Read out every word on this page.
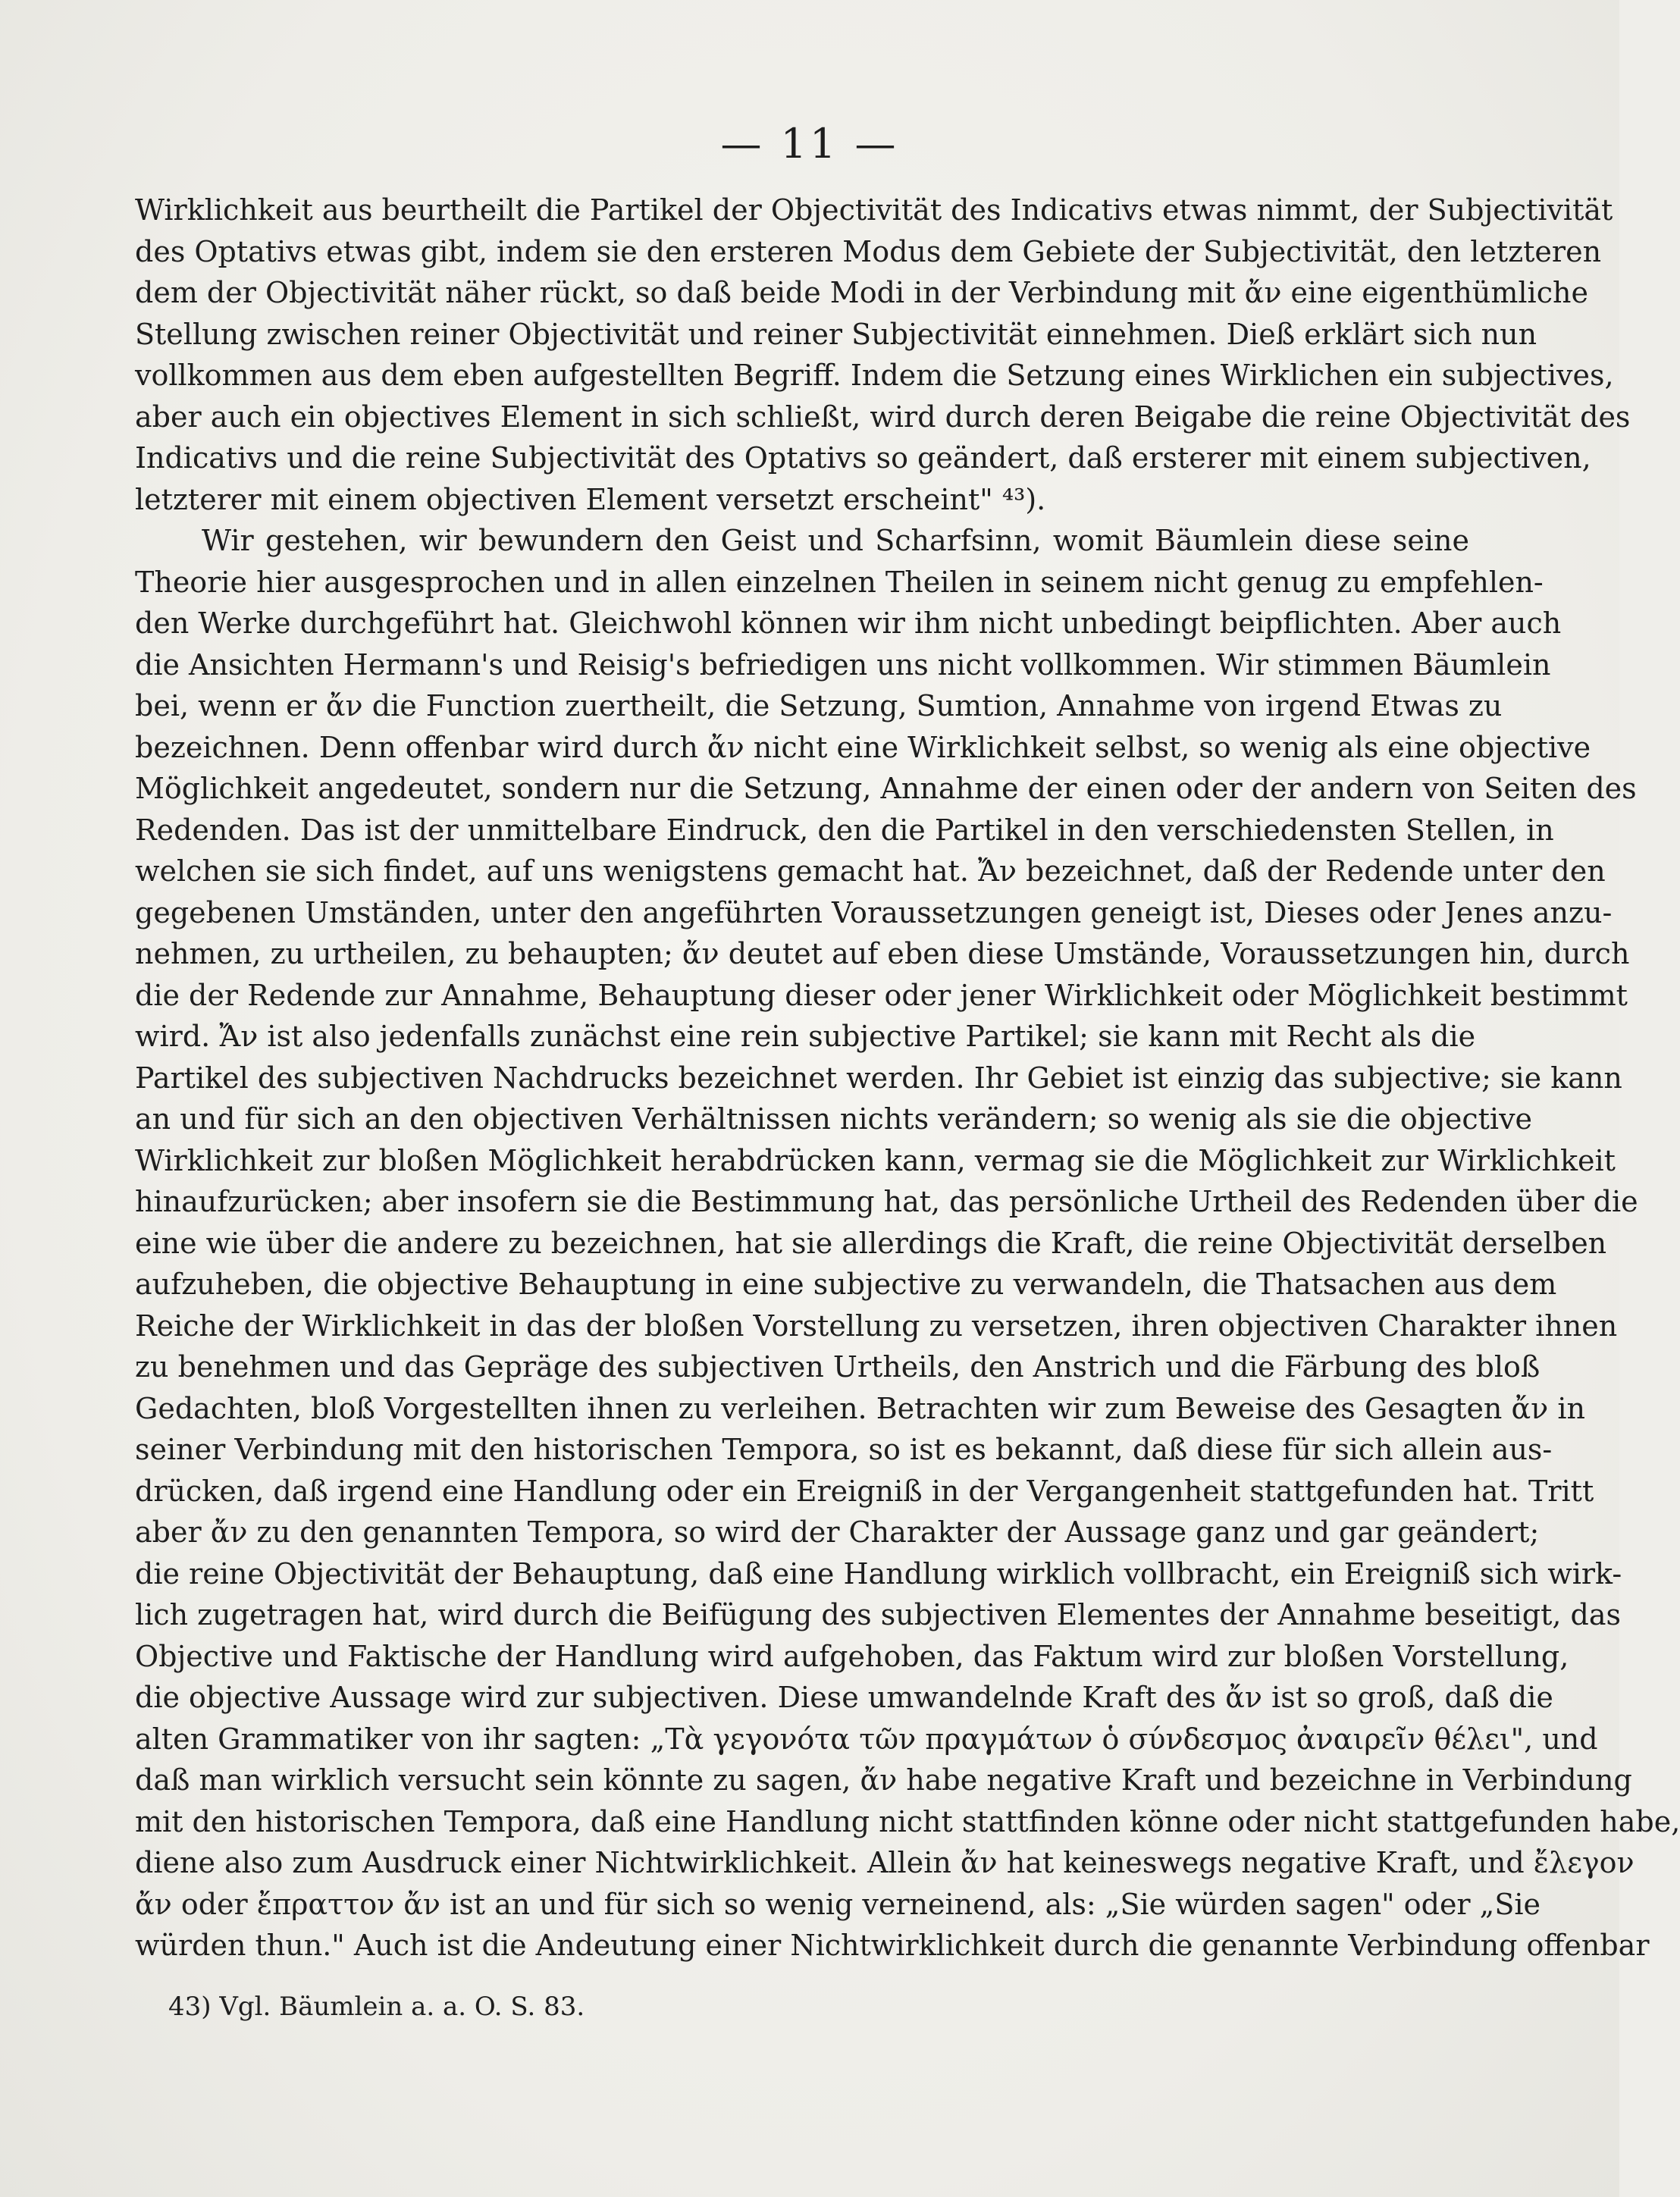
— 11 —
Wirklichkeit aus beurtheilt die Partikel der Objectivität des Indicativs etwas nimmt, der Subjectivität
des Optativs etwas gibt, indem sie den ersteren Modus dem Gebiete der Subjectivität, den letzteren
dem der Objectivität näher rückt, so daß beide Modi in der Verbindung mit ἄν eine eigenthümliche
Stellung zwischen reiner Objectivität und reiner Subjectivität einnehmen. Dieß erklärt sich nun
vollkommen aus dem eben aufgestellten Begriff. Indem die Setzung eines Wirklichen ein subjectives,
aber auch ein objectives Element in sich schließt, wird durch deren Beigabe die reine Objectivität des
Indicativs und die reine Subjectivität des Optativs so geändert, daß ersterer mit einem subjectiven,
letzterer mit einem objectiven Element versetzt erscheint" ⁴³).
Wir gestehen, wir bewundern den Geist und Scharfsinn, womit Bäumlein diese seine
Theorie hier ausgesprochen und in allen einzelnen Theilen in seinem nicht genug zu empfehlen-
den Werke durchgeführt hat. Gleichwohl können wir ihm nicht unbedingt beipflichten. Aber auch
die Ansichten Hermann's und Reisig's befriedigen uns nicht vollkommen. Wir stimmen Bäumlein
bei, wenn er ἄν die Function zuertheilt, die Setzung, Sumtion, Annahme von irgend Etwas zu
bezeichnen. Denn offenbar wird durch ἄν nicht eine Wirklichkeit selbst, so wenig als eine objective
Möglichkeit angedeutet, sondern nur die Setzung, Annahme der einen oder der andern von Seiten des
Redenden. Das ist der unmittelbare Eindruck, den die Partikel in den verschiedensten Stellen, in
welchen sie sich findet, auf uns wenigstens gemacht hat. Ἄν bezeichnet, daß der Redende unter den
gegebenen Umständen, unter den angeführten Voraussetzungen geneigt ist, Dieses oder Jenes anzu-
nehmen, zu urtheilen, zu behaupten; ἄν deutet auf eben diese Umstände, Voraussetzungen hin, durch
die der Redende zur Annahme, Behauptung dieser oder jener Wirklichkeit oder Möglichkeit bestimmt
wird. Ἄν ist also jedenfalls zunächst eine rein subjective Partikel; sie kann mit Recht als die
Partikel des subjectiven Nachdrucks bezeichnet werden. Ihr Gebiet ist einzig das subjective; sie kann
an und für sich an den objectiven Verhältnissen nichts verändern; so wenig als sie die objective
Wirklichkeit zur bloßen Möglichkeit herabdrücken kann, vermag sie die Möglichkeit zur Wirklichkeit
hinaufzurücken; aber insofern sie die Bestimmung hat, das persönliche Urtheil des Redenden über die
eine wie über die andere zu bezeichnen, hat sie allerdings die Kraft, die reine Objectivität derselben
aufzuheben, die objective Behauptung in eine subjective zu verwandeln, die Thatsachen aus dem
Reiche der Wirklichkeit in das der bloßen Vorstellung zu versetzen, ihren objectiven Charakter ihnen
zu benehmen und das Gepräge des subjectiven Urtheils, den Anstrich und die Färbung des bloß
Gedachten, bloß Vorgestellten ihnen zu verleihen. Betrachten wir zum Beweise des Gesagten ἄν in
seiner Verbindung mit den historischen Tempora, so ist es bekannt, daß diese für sich allein aus-
drücken, daß irgend eine Handlung oder ein Ereigniß in der Vergangenheit stattgefunden hat. Tritt
aber ἄν zu den genannten Tempora, so wird der Charakter der Aussage ganz und gar geändert;
die reine Objectivität der Behauptung, daß eine Handlung wirklich vollbracht, ein Ereigniß sich wirk-
lich zugetragen hat, wird durch die Beifügung des subjectiven Elementes der Annahme beseitigt, das
Objective und Faktische der Handlung wird aufgehoben, das Faktum wird zur bloßen Vorstellung,
die objective Aussage wird zur subjectiven. Diese umwandelnde Kraft des ἄν ist so groß, daß die
alten Grammatiker von ihr sagten: „Τὰ γεγονότα τῶν πραγμάτων ὁ σύνδεσμος ἀναιρεῖν θέλει", und
daß man wirklich versucht sein könnte zu sagen, ἄν habe negative Kraft und bezeichne in Verbindung
mit den historischen Tempora, daß eine Handlung nicht stattfinden könne oder nicht stattgefunden habe,
diene also zum Ausdruck einer Nichtwirklichkeit. Allein ἄν hat keineswegs negative Kraft, und ἔλεγον
ἄν oder ἔπραττον ἄν ist an und für sich so wenig verneinend, als: „Sie würden sagen" oder „Sie
würden thun." Auch ist die Andeutung einer Nichtwirklichkeit durch die genannte Verbindung offenbar
43) Vgl. Bäumlein a. a. O. S. 83.
